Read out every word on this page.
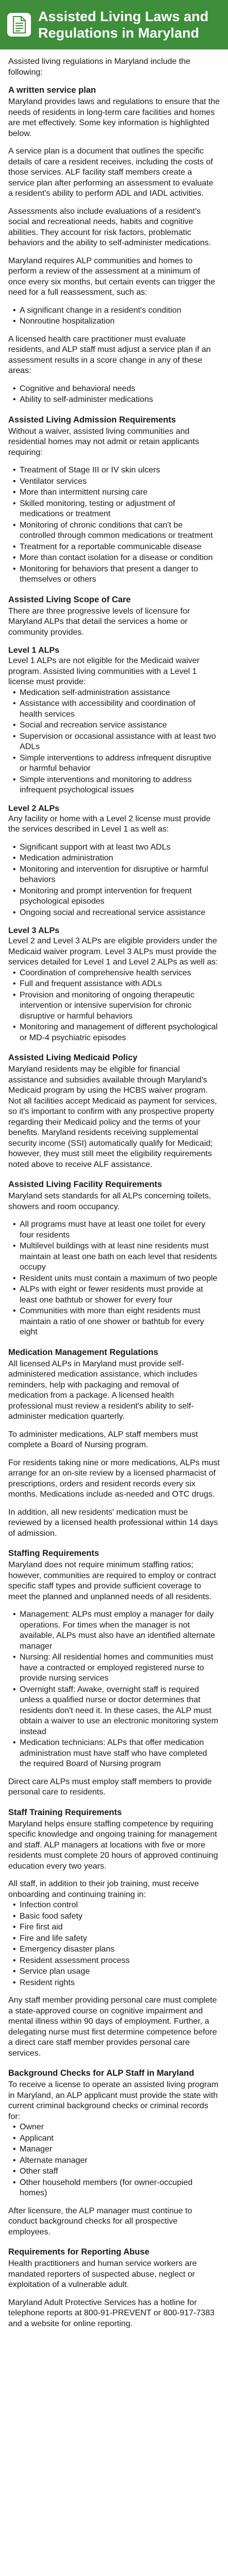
Assisted Living Laws and Regulations in Maryland

Assisted living regulations in Maryland include the following:

A written service plan

Maryland provides laws and regulations to ensure that the needs of residents in long-term care facilities and homes are met effectively. Some key information is highlighted below.

A service plan is a document that outlines the specific details of care a resident receives, including the costs of those services. ALF facility staff members create a service plan after performing an assessment to evaluate a resident's ability to perform ADL and IADL activities.

Assessments also include evaluations of a resident's social and recreational needs, habits and cognitive abilities. They account for risk factors, problematic behaviors and the ability to self-administer medications.

Maryland requires ALP communities and homes to perform a review of the assessment at a minimum of once every six months, but certain events can trigger the need for a full reassessment, such as:

• A significant change in a resident's condition
• Nonroutine hospitalization

A licensed health care practitioner must evaluate residents, and ALP staff must adjust a service plan if an assessment results in a score change in any of these areas:

• Cognitive and behavioral needs
• Ability to self-administer medications
Assisted Living Admission Requirements

Without a waiver, assisted living communities and residential homes may not admit or retain applicants requiring:

• Treatment of Stage III or IV skin ulcers
• Ventilator services
• More than intermittent nursing care
• Skilled monitoring, testing or adjustment of medications or treatment
• Monitoring of chronic conditions that can't be controlled through common medications or treatment
• Treatment for a reportable communicable disease
• More than contact isolation for a disease or condition
• Monitoring for behaviors that present a danger to themselves or others
Assisted Living Scope of Care

There are three progressive levels of licensure for Maryland ALPs that detail the services a home or community provides.

Level 1 ALPs

Level 1 ALPs are not eligible for the Medicaid waiver program. Assisted living communities with a Level 1 license must provide:

• Medication self-administration assistance
• Assistance with accessibility and coordination of health services
• Social and recreation service assistance
• Supervision or occasional assistance with at least two ADLs
• Simple interventions to address infrequent disruptive or harmful behavior
• Simple interventions and monitoring to address infrequent psychological issues
Level 2 ALPs

Any facility or home with a Level 2 license must provide the services described in Level 1 as well as:

• Significant support with at least two ADLs
• Medication administration
• Monitoring and intervention for disruptive or harmful behaviors
• Monitoring and prompt intervention for frequent psychological episodes
• Ongoing social and recreational service assistance
Level 3 ALPs

Level 2 and Level 3 ALPs are eligible providers under the Medicaid waiver program. Level 3 ALPs must provide the services detailed for Level 1 and Level 2 ALPs as well as:

• Coordination of comprehensive health services
• Full and frequent assistance with ADLs
• Provision and monitoring of ongoing therapeutic intervention or intensive supervision for chronic disruptive or harmful behaviors
• Monitoring and management of different psychological or MD-4 psychiatric episodes
Assisted Living Medicaid Policy

Maryland residents may be eligible for financial assistance and subsidies available through Maryland's Medicaid program by using the HCBS waiver program. Not all facilities accept Medicaid as payment for services, so it's important to confirm with any prospective property regarding their Medicaid policy and the terms of your benefits. Maryland residents receiving supplemental security income (SSI) automatically qualify for Medicaid; however, they must still meet the eligibility requirements noted above to receive ALF assistance.

Assisted Living Facility Requirements

Maryland sets standards for all ALPs concerning toilets, showers and room occupancy.

• All programs must have at least one toilet for every four residents
• Multilevel buildings with at least nine residents must maintain at least one bath on each level that residents occupy
• Resident units must contain a maximum of two people
• ALPs with eight or fewer residents must provide at least one bathtub or shower for every four
• Communities with more than eight residents must maintain a ratio of one shower or bathtub for every eight
Medication Management Regulations

All licensed ALPs in Maryland must provide self-administered medication assistance, which includes reminders, help with packaging and removal of medication from a package. A licensed health professional must review a resident's ability to self-administer medication quarterly.

To administer medications, ALP staff members must complete a Board of Nursing program.

For residents taking nine or more medications, ALPs must arrange for an on-site review by a licensed pharmacist of prescriptions, orders and resident records every six months. Medications include as-needed and OTC drugs.

In addition, all new residents' medication must be reviewed by a licensed health professional within 14 days of admission.

Staffing Requirements

Maryland does not require minimum staffing ratios; however, communities are required to employ or contract specific staff types and provide sufficient coverage to meet the planned and unplanned needs of all residents.

• Management: ALPs must employ a manager for daily operations. For times when the manager is not available, ALPs must also have an identified alternate manager
• Nursing: All residential homes and communities must have a contracted or employed registered nurse to provide nursing services
• Overnight staff: Awake, overnight staff is required unless a qualified nurse or doctor determines that residents don't need it. In these cases, the ALP must obtain a waiver to use an electronic monitoring system instead
• Medication technicians: ALPs that offer medication administration must have staff who have completed the required Board of Nursing program

Direct care ALPs must employ staff members to provide personal care to residents.

Staff Training Requirements

Maryland helps ensure staffing competence by requiring specific knowledge and ongoing training for management and staff. ALP managers at locations with five or more residents must complete 20 hours of approved continuing education every two years.

All staff, in addition to their job training, must receive onboarding and continuing training in:

• Infection control
• Basic food safety
• Fire first aid
• Fire and life safety
• Emergency disaster plans
• Resident assessment process
• Service plan usage
• Resident rights

Any staff member providing personal care must complete a state-approved course on cognitive impairment and mental illness within 90 days of employment. Further, a delegating nurse must first determine competence before a direct care staff member provides personal care services.

Background Checks for ALP Staff in Maryland

To receive a license to operate an assisted living program in Maryland, an ALP applicant must provide the state with current criminal background checks or criminal records for:

• Owner
• Applicant
• Manager
• Alternate manager
• Other staff
• Other household members (for owner-occupied homes)

After licensure, the ALP manager must continue to conduct background checks for all prospective employees.

Requirements for Reporting Abuse

Health practitioners and human service workers are mandated reporters of suspected abuse, neglect or exploitation of a vulnerable adult.

Maryland Adult Protective Services has a hotline for telephone reports at 800-91-PREVENT or 800-917-7383 and a website for online reporting.
